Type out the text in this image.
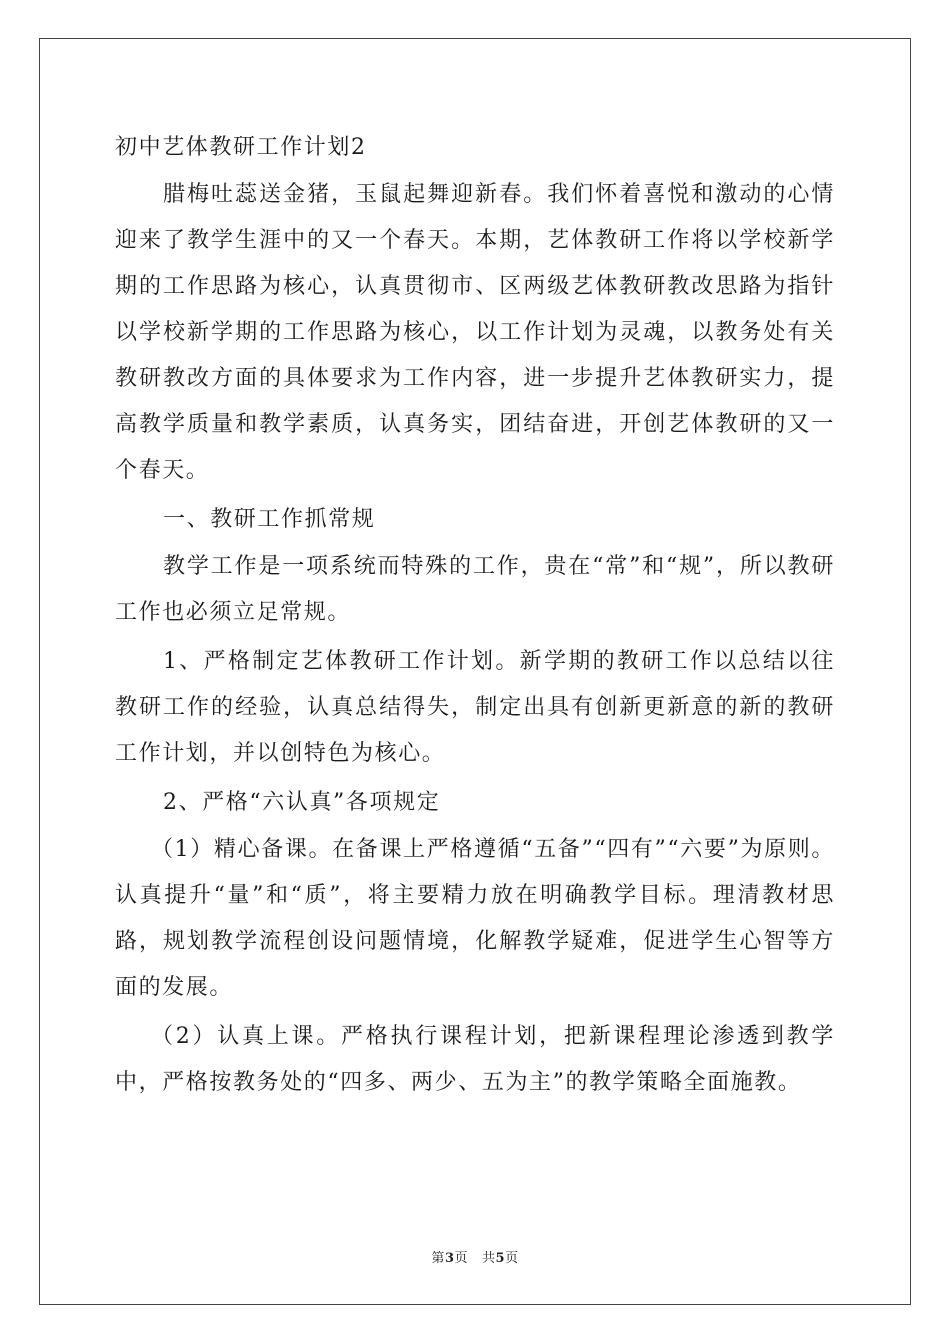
初中艺体教研工作计划2

腊梅吐蕊送金猪，玉鼠起舞迎新春。我们怀着喜悦和激动的心情迎来了教学生涯中的又一个春天。本期，艺体教研工作将以学校新学期的工作思路为核心，认真贯彻市、区两级艺体教研教改思路为指针以学校新学期的工作思路为核心，以工作计划为灵魂，以教务处有关教研教改方面的具体要求为工作内容，进一步提升艺体教研实力，提高教学质量和教学素质，认真务实，团结奋进，开创艺体教研的又一个春天。

一、教研工作抓常规

教学工作是一项系统而特殊的工作，贵在“常”和“规”，所以教研工作也必须立足常规。

1、严格制定艺体教研工作计划。新学期的教研工作以总结以往教研工作的经验，认真总结得失，制定出具有创新更新意的新的教研工作计划，并以创特色为核心。

2、严格“六认真”各项规定

（1）精心备课。在备课上严格遵循“五备”“四有”“六要”为原则。认真提升“量”和“质”，将主要精力放在明确教学目标。理清教材思路，规划教学流程创设问题情境，化解教学疑难，促进学生心智等方面的发展。

（2）认真上课。严格执行课程计划，把新课程理论渗透到教学中，严格按教务处的“四多、两少、五为主”的教学策略全面施教。

第3页 共5页
